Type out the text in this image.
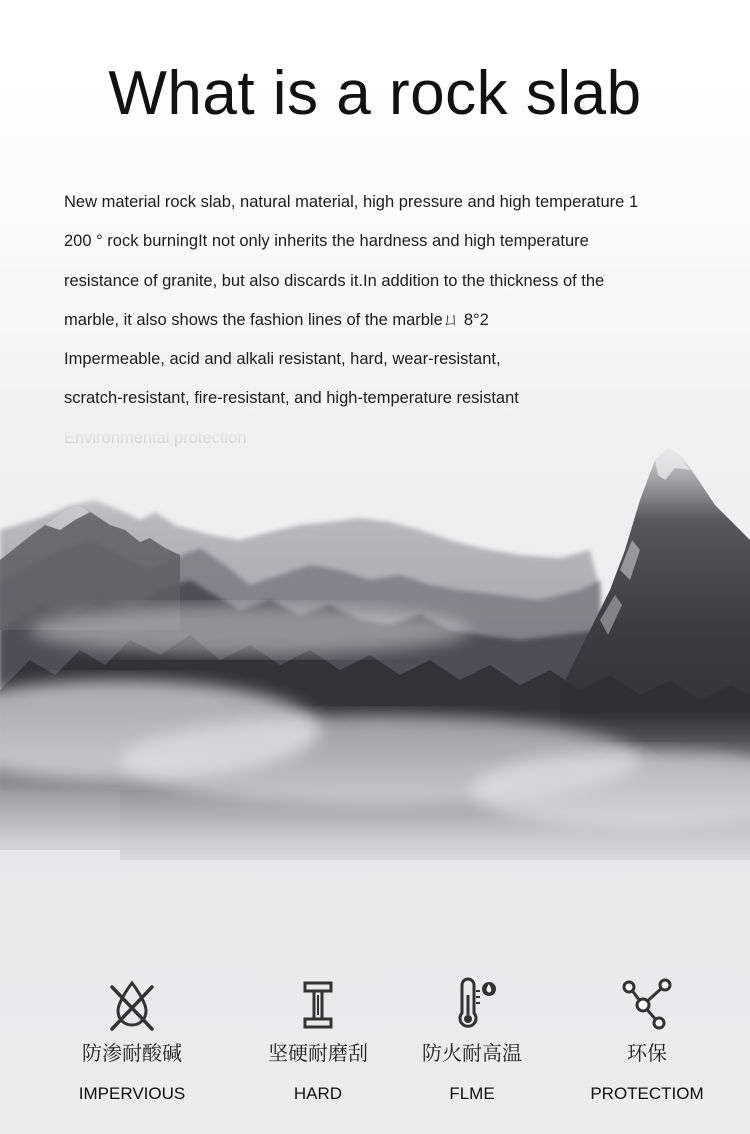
What is a rock slab
New material rock slab, natural material, high pressure and high temperature 1
200 ° rock burningIt not only inherits the hardness and high temperature
resistance of granite, but also discards it.In addition to the thickness of the
marble, it also shows the fashion lines of the marbleㄩ 8°2
Impermeable, acid and alkali resistant, hard, wear-resistant,
scratch-resistant, fire-resistant, and high-temperature resistant
防渗耐酸碱
IMPERVIOUS
坚硬耐磨刮
HARD
防火耐高温
FLME
环保
PROTECTIOM
